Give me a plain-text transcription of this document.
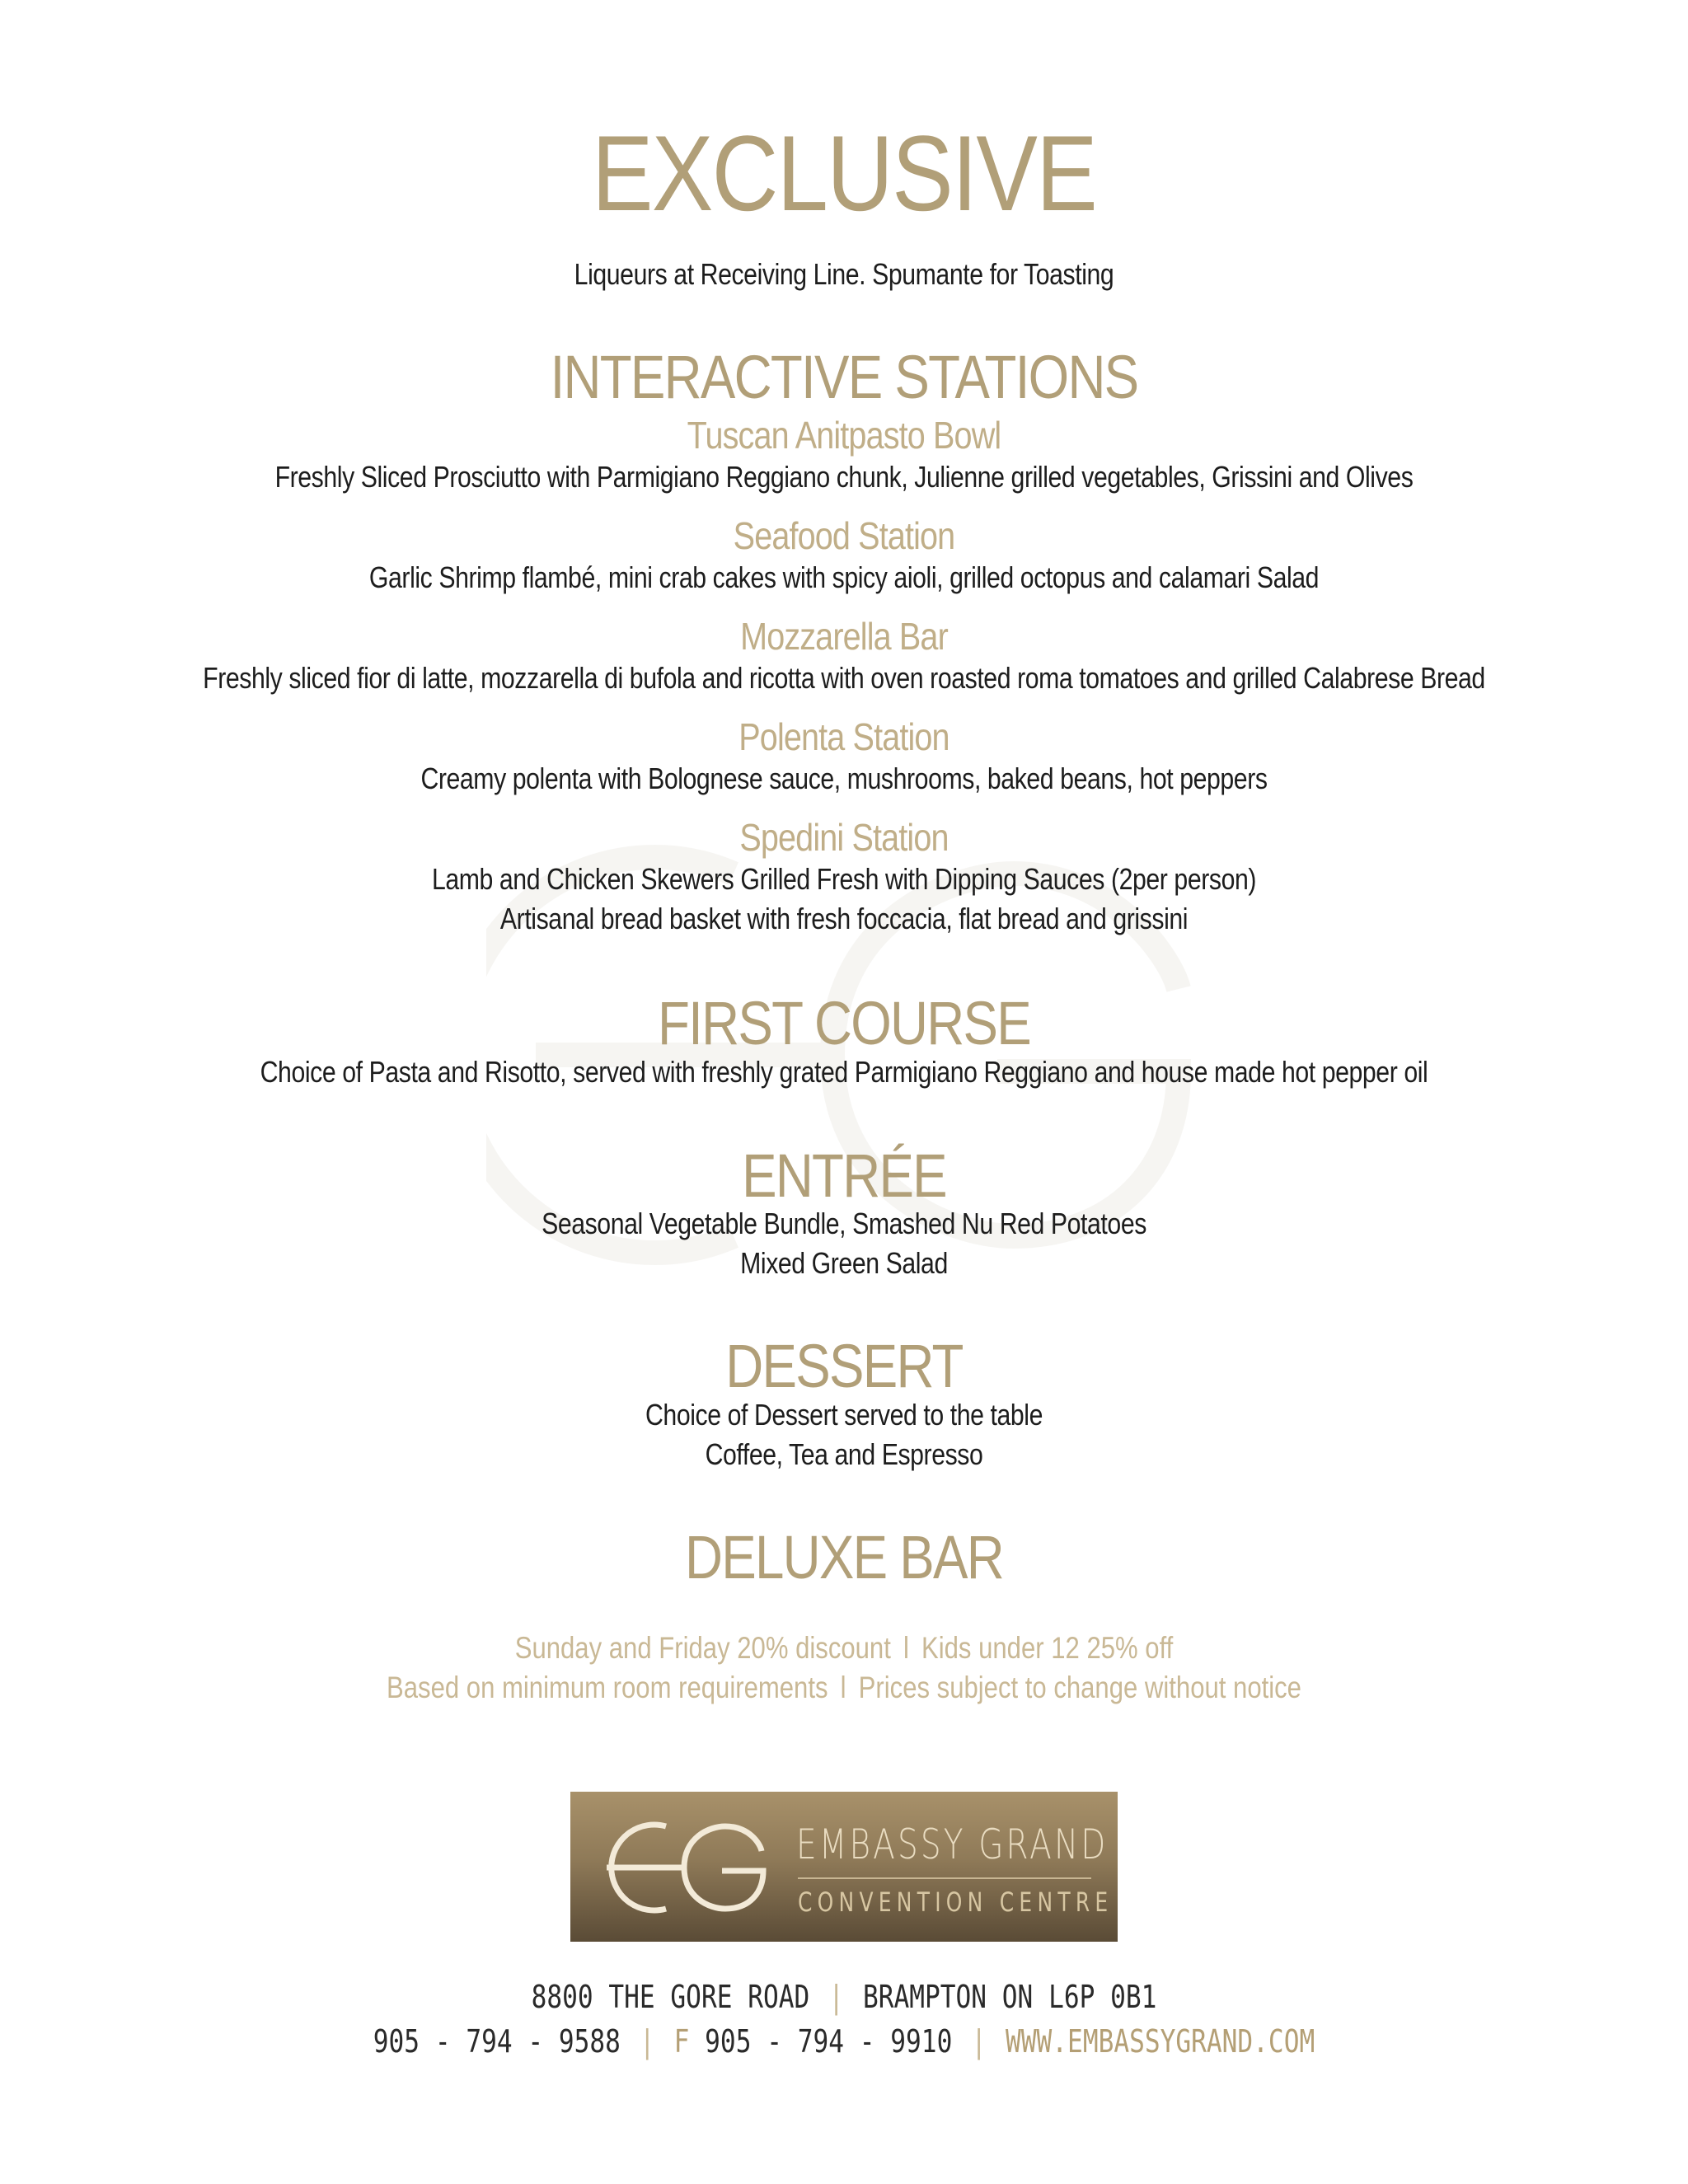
EXCLUSIVE
Liqueurs at Receiving Line. Spumante for Toasting
INTERACTIVE STATIONS
Tuscan Anitpasto Bowl
Freshly Sliced Prosciutto with Parmigiano Reggiano chunk, Julienne grilled vegetables, Grissini and Olives
Seafood Station
Garlic Shrimp flambé, mini crab cakes with spicy aioli, grilled octopus and calamari Salad
Mozzarella Bar
Freshly sliced fior di latte, mozzarella di bufola and ricotta with oven roasted roma tomatoes and grilled Calabrese Bread
Polenta Station
Creamy polenta with Bolognese sauce, mushrooms, baked beans, hot peppers
Spedini Station
Lamb and Chicken Skewers Grilled Fresh with Dipping Sauces (2per person)
Artisanal bread basket with fresh foccacia, flat bread and grissini
FIRST COURSE
Choice of Pasta and Risotto, served with freshly grated Parmigiano Reggiano and house made hot pepper oil
ENTRÉE
Seasonal Vegetable Bundle, Smashed Nu Red Potatoes
Mixed Green Salad
DESSERT
Choice of Dessert served to the table
Coffee, Tea and Espresso
DELUXE BAR
Sunday and Friday 20% discount l Kids under 12 25% off
Based on minimum room requirements l Prices subject to change without notice
EMBASSY GRAND
CONVENTION CENTRE
8800 THE GORE ROAD | BRAMPTON ON L6P 0B1
905 - 794 - 9588 | F 905 - 794 - 9910 | WWW.EMBASSYGRAND.COM
